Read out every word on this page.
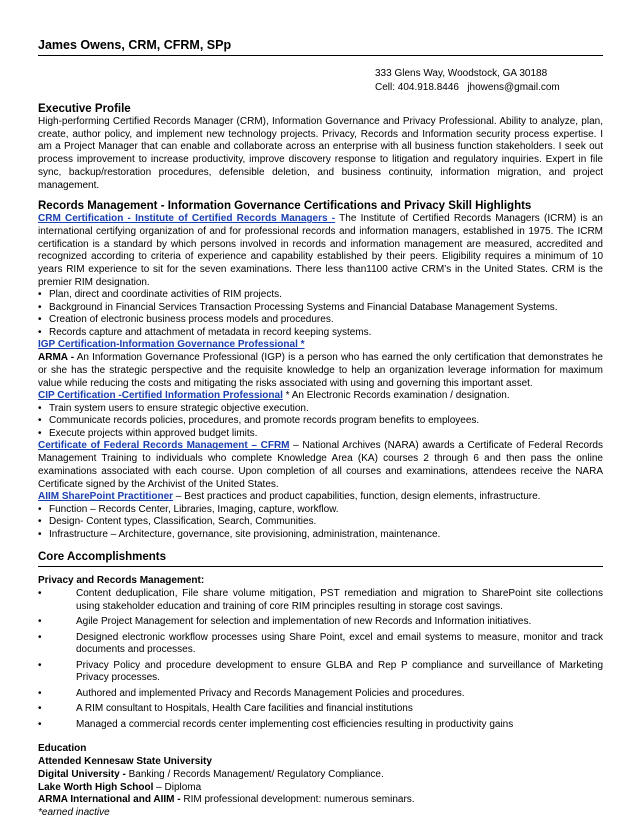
James Owens, CRM, CFRM, SPp
333 Glens Way, Woodstock, GA 30188
Cell: 404.918.8446 jhowens@gmail.com
Executive Profile
High-performing Certified Records Manager (CRM), Information Governance and Privacy Professional. Ability to analyze, plan, create, author policy, and implement new technology projects. Privacy, Records and Information security process expertise. I am a Project Manager that can enable and collaborate across an enterprise with all business function stakeholders. I seek out process improvement to increase productivity, improve discovery response to litigation and regulatory inquiries. Expert in file sync, backup/restoration procedures, defensible deletion, and business continuity, information migration, and project management.
Records Management - Information Governance Certifications and Privacy Skill Highlights
CRM Certification - Institute of Certified Records Managers - The Institute of Certified Records Managers (ICRM) is an international certifying organization of and for professional records and information managers, established in 1975. The ICRM certification is a standard by which persons involved in records and information management are measured, accredited and recognized according to criteria of experience and capability established by their peers. Eligibility requires a minimum of 10 years RIM experience to sit for the seven examinations. There less than1100 active CRM’s in the United States. CRM is the premier RIM designation.
• Plan, direct and coordinate activities of RIM projects.
• Background in Financial Services Transaction Processing Systems and Financial Database Management Systems.
• Creation of electronic business process models and procedures.
• Records capture and attachment of metadata in record keeping systems.
IGP Certification-Information Governance Professional *
ARMA - An Information Governance Professional (IGP) is a person who has earned the only certification that demonstrates he or she has the strategic perspective and the requisite knowledge to help an organization leverage information for maximum value while reducing the costs and mitigating the risks associated with using and governing this important asset.
CIP Certification -Certified Information Professional * An Electronic Records examination / designation.
• Train system users to ensure strategic objective execution.
• Communicate records policies, procedures, and promote records program benefits to employees.
• Execute projects within approved budget limits.
Certificate of Federal Records Management – CFRM – National Archives (NARA) awards a Certificate of Federal Records Management Training to individuals who complete Knowledge Area (KA) courses 2 through 6 and then pass the online examinations associated with each course. Upon completion of all courses and examinations, attendees receive the NARA Certificate signed by the Archivist of the United States.
AIIM SharePoint Practitioner – Best practices and product capabilities, function, design elements, infrastructure.
• Function – Records Center, Libraries, Imaging, capture, workflow.
• Design- Content types, Classification, Search, Communities.
• Infrastructure – Architecture, governance, site provisioning, administration, maintenance.
Core Accomplishments
Privacy and Records Management:
•	Content deduplication, File share volume mitigation, PST remediation and migration to SharePoint site collections using stakeholder education and training of core RIM principles resulting in storage cost savings.
•	Agile Project Management for selection and implementation of new Records and Information initiatives.
•	Designed electronic workflow processes using Share Point, excel and email systems to measure, monitor and track documents and processes.
•	Privacy Policy and procedure development to ensure GLBA and Rep P compliance and surveillance of Marketing Privacy processes.
•	Authored and implemented Privacy and Records Management Policies and procedures.
•	A RIM consultant to Hospitals, Health Care facilities and financial institutions
•	Managed a commercial records center implementing cost efficiencies resulting in productivity gains
Education
Attended Kennesaw State University
Digital University - Banking / Records Management/ Regulatory Compliance.
Lake Worth High School – Diploma
ARMA International and AIIM - RIM professional development: numerous seminars.
*earned inactive
